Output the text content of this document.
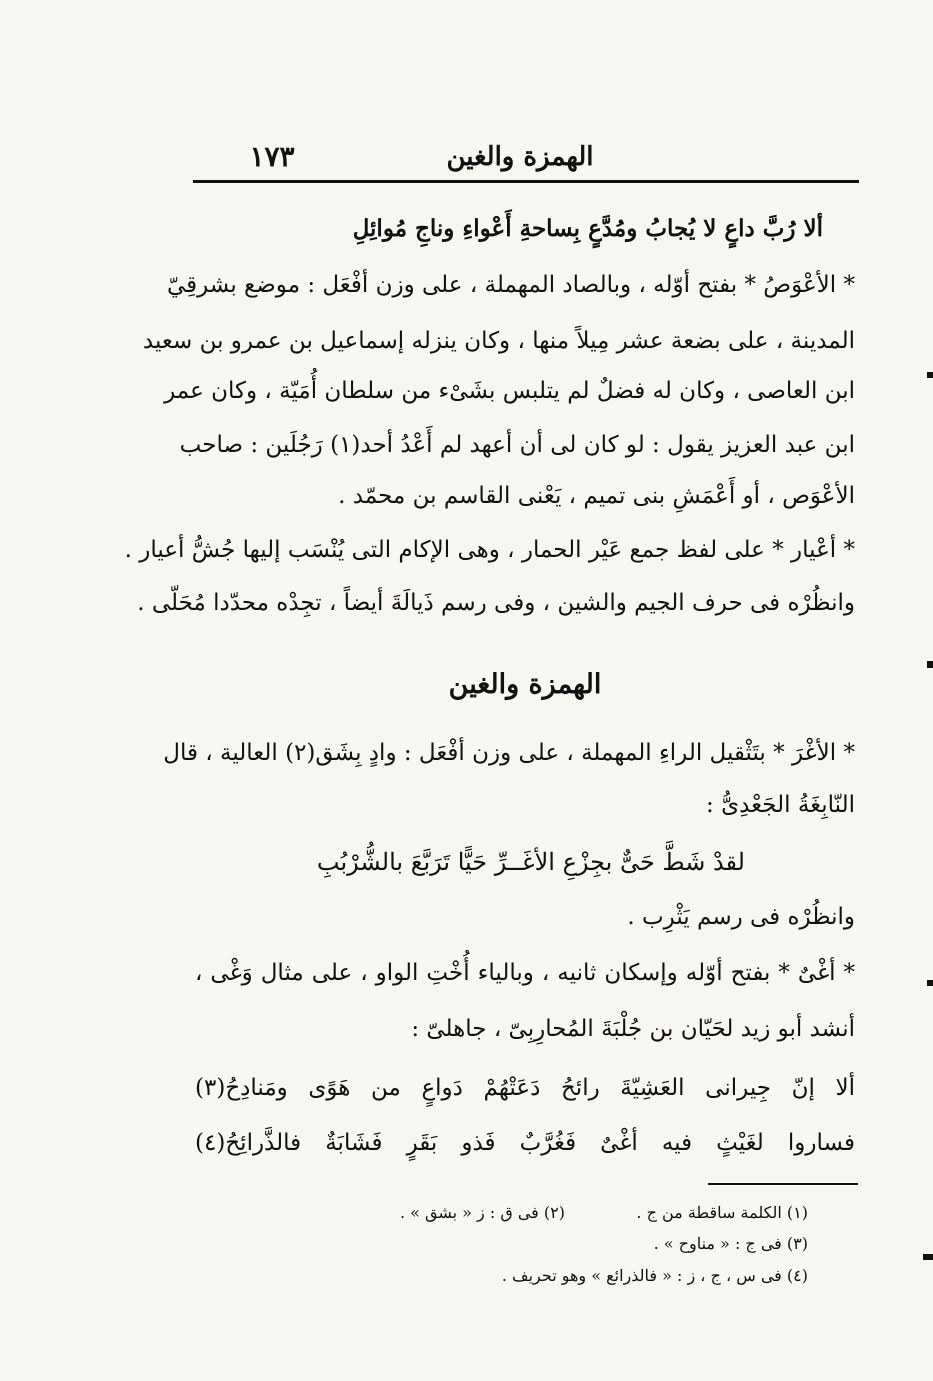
الهمزة والغين
١٧٣
ألا رُبَّ داعٍ لا يُجابُ ومُدَّعٍ بِساحةِ أَعْواءِ وناجِ مُوائِلِ
* الأعْوَصُ * بفتح أوّله ، وبالصاد المهملة ، على وزن أفْعَل : موضع بشرقِيّ
المدينة ، على بضعة عشر مِيلاً منها ، وكان ينزله إسماعيل بن عمرو بن سعيد
ابن العاصى ، وكان له فضلٌ لم يتلبس بشَىْء من سلطان أُمَيّة ، وكان عمر
ابن عبد العزيز يقول : لو كان لى أن أعهد لم أَعْدُ أحد(١) رَجُلَين : صاحب
الأعْوَص ، أو أَعْمَشِ بنى تميم ، يَعْنى القاسم بن محمّد .
* أعْيار * على لفظ جمع عَيْر الحمار ، وهى الإكام التى يُنْسَب إليها جُشُّ أعيار .
وانظُرْه فى حرف الجيم والشين ، وفى رسم ذَيالَةَ أيضاً ، تجِدْه محدّدا مُحَلّى .
الهمزة والغين
* الأغْرَ * بتَثْقيل الراءِ المهملة ، على وزن أفْعَل : وادٍ بِشَق(٢) العالية ، قال
النّابِغَةُ الجَعْدِىُّ :
لقدْ شَطَّ حَىٌّ بجِزْعِ الأغَــرِّ حَيًّا تَرَبَّعَ بالشُّرْبُبِ
وانظُرْه فى رسم يَثْرِب .
* أغْىٌ * بفتح أوّله وإسكان ثانيه ، وبالياء أُخْتِ الواو ، على مثال وَغْى ،
أنشد أبو زيد لحَيّان بن جُلْبَةَ المُحارِبِىّ ، جاهلىّ :
ألا إنّ جِيرانى العَشِيّةَ رائحُ دَعَتْهُمْ دَواعٍ من هَوًى ومَنادِحُ(٣)
فساروا لغَيْثٍ فيه أغْىٌ فَغُرَّبٌ فَذو بَقَرٍ فَشَابَةٌ فالذَّرائِحُ(٤)
(١) الكلمة ساقطة من ج .
(٢) فى ق : ز « بشق » .
(٣) فى ج : « مناوح » .
(٤) فى س ، ج ، ز : « فالذرائع » وهو تحريف .
